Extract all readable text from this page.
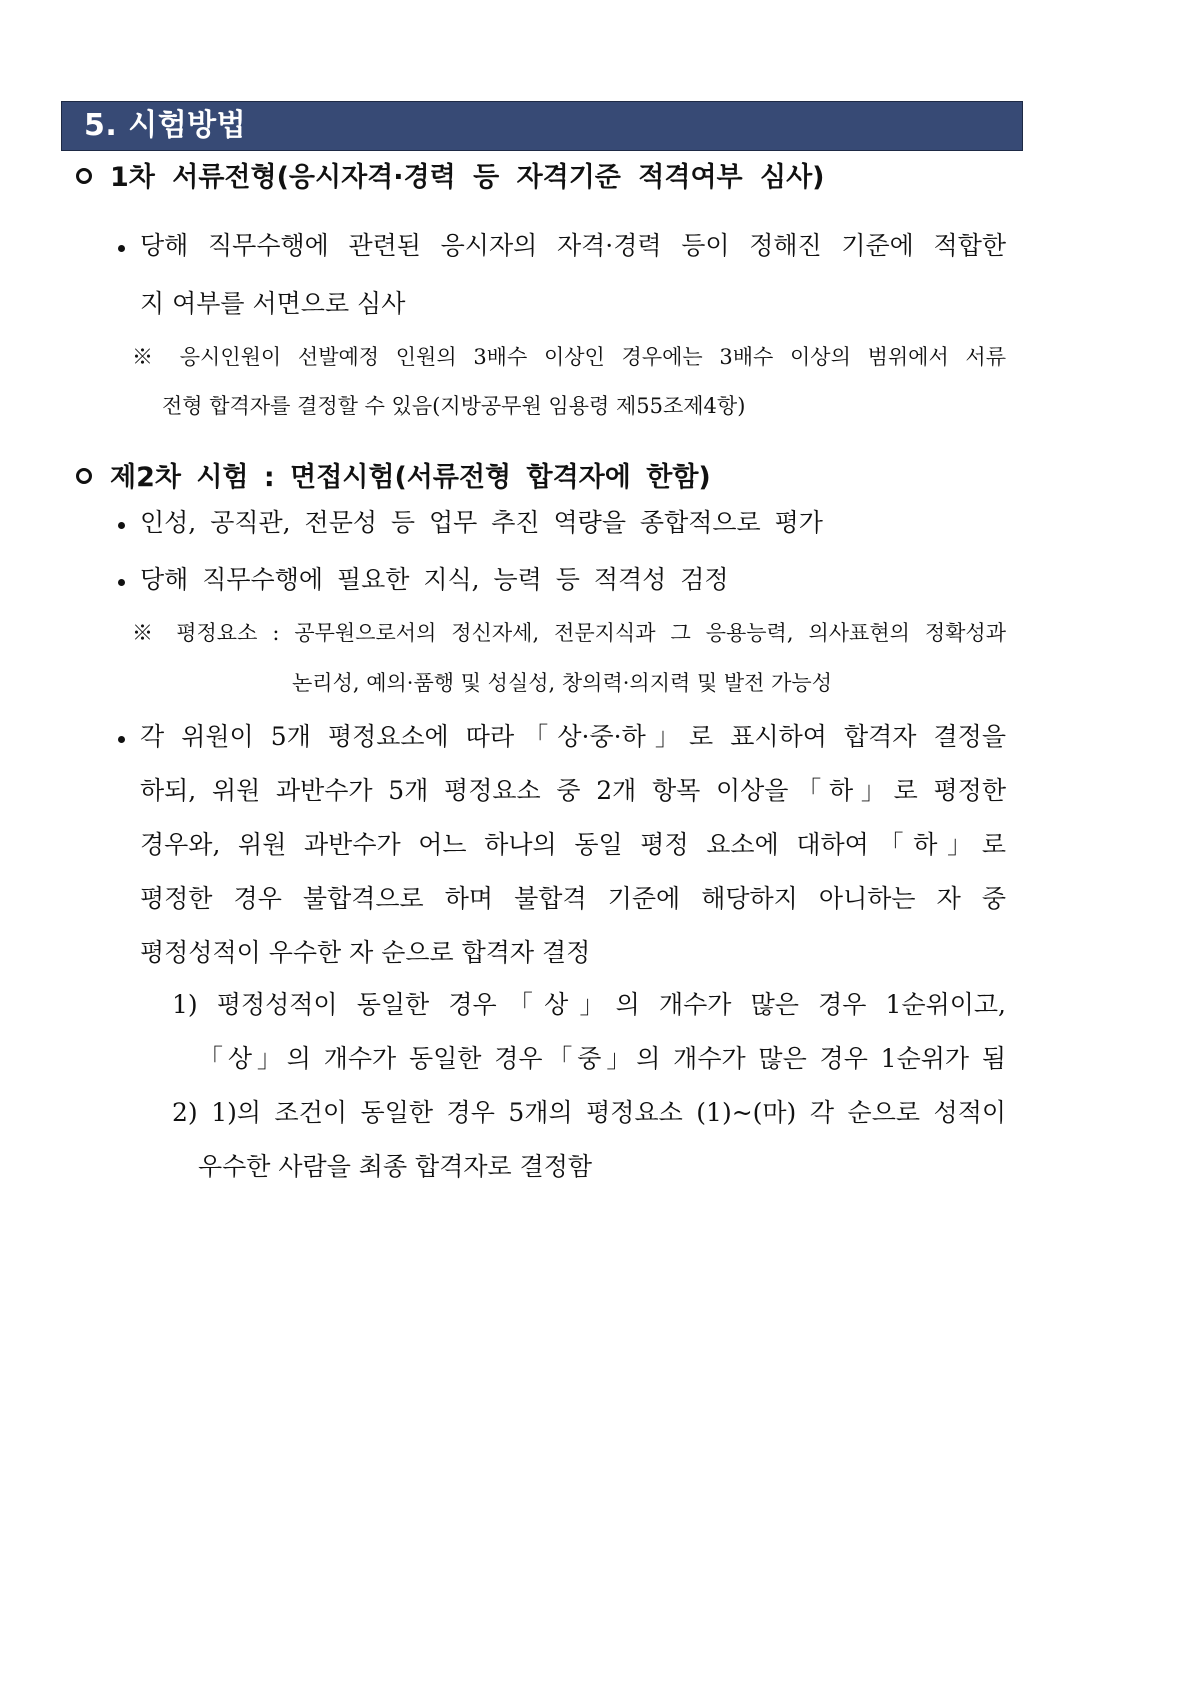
5. 시험방법
1차 서류전형(응시자격·경력 등 자격기준 적격여부 심사)
당해 직무수행에 관련된 응시자의 자격·경력 등이 정해진 기준에 적합한
지 여부를 서면으로 심사
※ 응시인원이 선발예정 인원의 3배수 이상인 경우에는 3배수 이상의 범위에서 서류
전형 합격자를 결정할 수 있음(지방공무원 임용령 제55조제4항)
제2차 시험 : 면접시험(서류전형 합격자에 한함)
인성, 공직관, 전문성 등 업무 추진 역량을 종합적으로 평가
당해 직무수행에 필요한 지식, 능력 등 적격성 검정
※ 평정요소 : 공무원으로서의 정신자세, 전문지식과 그 응용능력, 의사표현의 정확성과
논리성, 예의·품행 및 성실성, 창의력·의지력 및 발전 가능성
각 위원이 5개 평정요소에 따라「상·중·하」로 표시하여 합격자 결정을
하되, 위원 과반수가 5개 평정요소 중 2개 항목 이상을「하」로 평정한
경우와, 위원 과반수가 어느 하나의 동일 평정 요소에 대하여「하」로
평정한 경우 불합격으로 하며 불합격 기준에 해당하지 아니하는 자 중
평정성적이 우수한 자 순으로 합격자 결정
1) 평정성적이 동일한 경우「상」의 개수가 많은 경우 1순위이고,
「상」의 개수가 동일한 경우「중」의 개수가 많은 경우 1순위가 됨
2) 1)의 조건이 동일한 경우 5개의 평정요소 (1)~(마) 각 순으로 성적이
우수한 사람을 최종 합격자로 결정함
